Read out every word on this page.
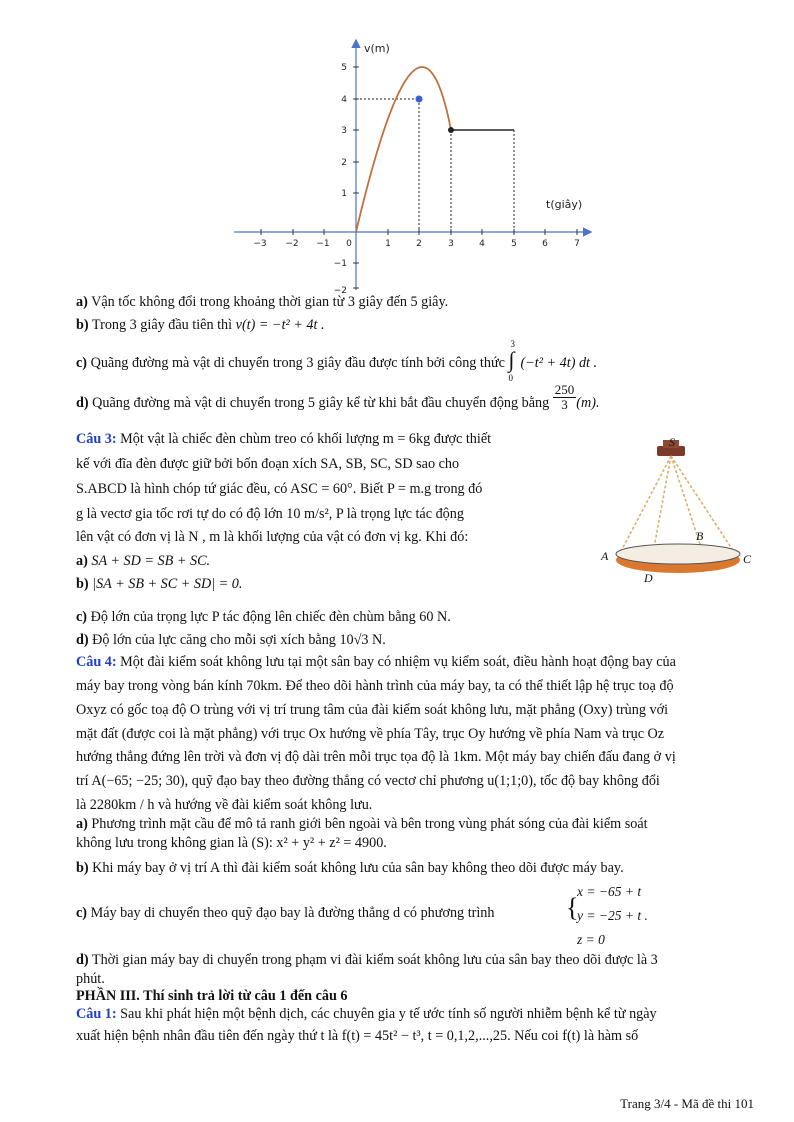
−3 −2 −1 0	1	2	3	4	5	6	7
5
4
3
2
1
−1
−2
v(m)
t(giây)
a) Vận tốc không đổi trong khoảng thời gian từ 3 giây đến 5 giây.
b) Trong 3 giây đầu tiên thì v(t) = −t² + 4t .
c) Quãng đường mà vật di chuyển trong 3 giây đầu được tính bởi công thức
3
∫
0
(−t² + 4t) dt .
d) Quãng đường mà vật di chuyển trong 5 giây kể từ khi bắt đầu chuyển động bằng $\frac{250}{3} (m)$.
Câu 3: Một vật là chiếc đèn chùm treo có khối lượng m = 6kg được thiết
kế với đĩa đèn được giữ bởi bốn đoạn xích SA, SB, SC, SD sao cho
S.ABCD là hình chóp tứ giác đều, có ASC = 60°. Biết P = m.g trong đó
g là vectơ gia tốc rơi tự do có độ lớn 10 m/s², P là trọng lực tác động
lên vật có đơn vị là N , m là khối lượng của vật có đơn vị kg. Khi đó:
a) SA + SD = SB + SC.
b) |SA + SB + SC + SD| = 0.
c) Độ lớn của trọng lực P tác động lên chiếc đèn chùm bằng 60 N.
d) Độ lớn của lực căng cho mỗi sợi xích bằng 10√3 N.
S
A
B
C
D
Câu 4: Một đài kiểm soát không lưu tại một sân bay có nhiệm vụ kiểm soát, điều hành hoạt động bay của
máy bay trong vòng bán kính 70km. Để theo dõi hành trình của máy bay, ta có thể thiết lập hệ trục toạ độ
Oxyz có gốc toạ độ O trùng với vị trí trung tâm của đài kiểm soát không lưu, mặt phẳng (Oxy) trùng với
mặt đất (được coi là mặt phẳng) với trục Ox hướng về phía Tây, trục Oy hướng về phía Nam và trục Oz
hướng thẳng đứng lên trời và đơn vị độ dài trên mỗi trục tọa độ là 1km. Một máy bay chiến đấu đang ở vị
trí A(−65; −25; 30), quỹ đạo bay theo đường thẳng có vectơ chỉ phương u(1;1;0), tốc độ bay không đổi
là 2280km / h và hướng về đài kiểm soát không lưu.
a) Phương trình mặt cầu để mô tả ranh giới bên ngoài và bên trong vùng phát sóng của đài kiểm soát
không lưu trong không gian là (S): x² + y² + z² = 4900.
b) Khi máy bay ở vị trí A thì đài kiểm soát không lưu của sân bay không theo dõi được máy bay.
c) Máy bay di chuyển theo quỹ đạo bay là đường thẳng d có phương trình	{
x = −65 + t
y = −25 + t .
z = 0
d) Thời gian máy bay di chuyển trong phạm vi đài kiểm soát không lưu của sân bay theo dõi được là 3
phút.
PHẦN III. Thí sinh trả lời từ câu 1 đến câu 6
Câu 1: Sau khi phát hiện một bệnh dịch, các chuyên gia y tế ước tính số người nhiễm bệnh kể từ ngày
xuất hiện bệnh nhân đầu tiên đến ngày thứ t là f(t) = 45t² − t³, t = 0,1,2,...,25. Nếu coi f(t) là hàm số
Trang 3/4 - Mã đề thi 101
